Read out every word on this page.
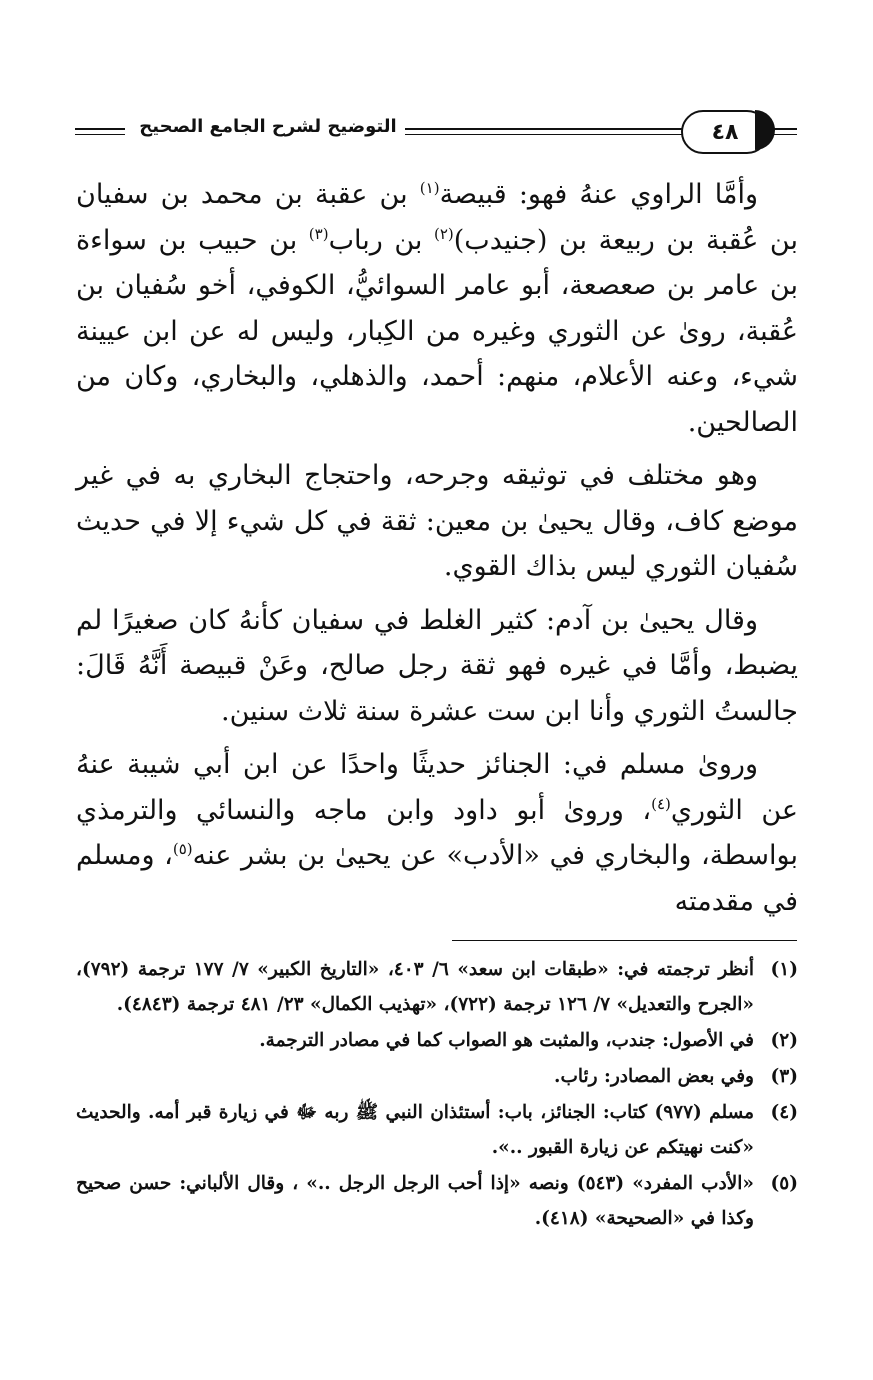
التوضيح لشرح الجامع الصحيح	٤٨

وأمَّا الراوي عنهُ فهو: قبيصة$^{(١)}$ بن عقبة بن محمد بن سفيان بن عُقبة بن ربيعة بن (جنيدب)$^{(٢)}$ بن رباب$^{(٣)}$ بن حبيب بن سواءة بن عامر بن صعصعة، أبو عامر السوائيُّ، الكوفي، أخو سُفيان بن عُقبة، روىٰ عن الثوري وغيره من الكِبار، وليس له عن ابن عيينة شيء، وعنه الأعلام، منهم: أحمد، والذهلي، والبخاري، وكان من الصالحين.

وهو مختلف في توثيقه وجرحه، واحتجاج البخاري به في غير موضع كاف، وقال يحيىٰ بن معين: ثقة في كل شيء إلا في حديث سُفيان الثوري ليس بذاك القوي.

وقال يحيىٰ بن آدم: كثير الغلط في سفيان كأنهُ كان صغيرًا لم يضبط، وأمَّا في غيره فهو ثقة رجل صالح، وعَنْ قبيصة أَنَّهُ قَالَ: جالستُ الثوري وأنا ابن ست عشرة سنة ثلاث سنين.

وروىٰ مسلم في: الجنائز حديثًا واحدًا عن ابن أبي شيبة عنهُ عن الثوري$^{(٤)}$، وروىٰ أبو داود وابن ماجه والنسائي والترمذي بواسطة، والبخاري في «الأدب» عن يحيىٰ بن بشر عنه$^{(٥)}$، ومسلم في مقدمته

(١)
أنظر ترجمته في: «طبقات ابن سعد» ٦/ ٤٠٣، «التاريخ الكبير» ٧/ ١٧٧ ترجمة (٧٩٢)، «الجرح والتعديل» ٧/ ١٢٦ ترجمة (٧٢٢)، «تهذيب الكمال» ٢٣/ ٤٨١ ترجمة (٤٨٤٣).
(٢)
في الأصول: جندب، والمثبت هو الصواب كما في مصادر الترجمة.
(٣)
وفي بعض المصادر: رئاب.
(٤)
مسلم (٩٧٧) كتاب: الجنائز، باب: أستئذان النبي ﷺ ربه ﷻ في زيارة قبر أمه. والحديث «كنت نهيتكم عن زيارة القبور ..».
(٥)
«الأدب المفرد» (٥٤٣) ونصه «إذا أحب الرجل الرجل ..» ، وقال الألباني: حسن صحيح وكذا في «الصحيحة» (٤١٨).
